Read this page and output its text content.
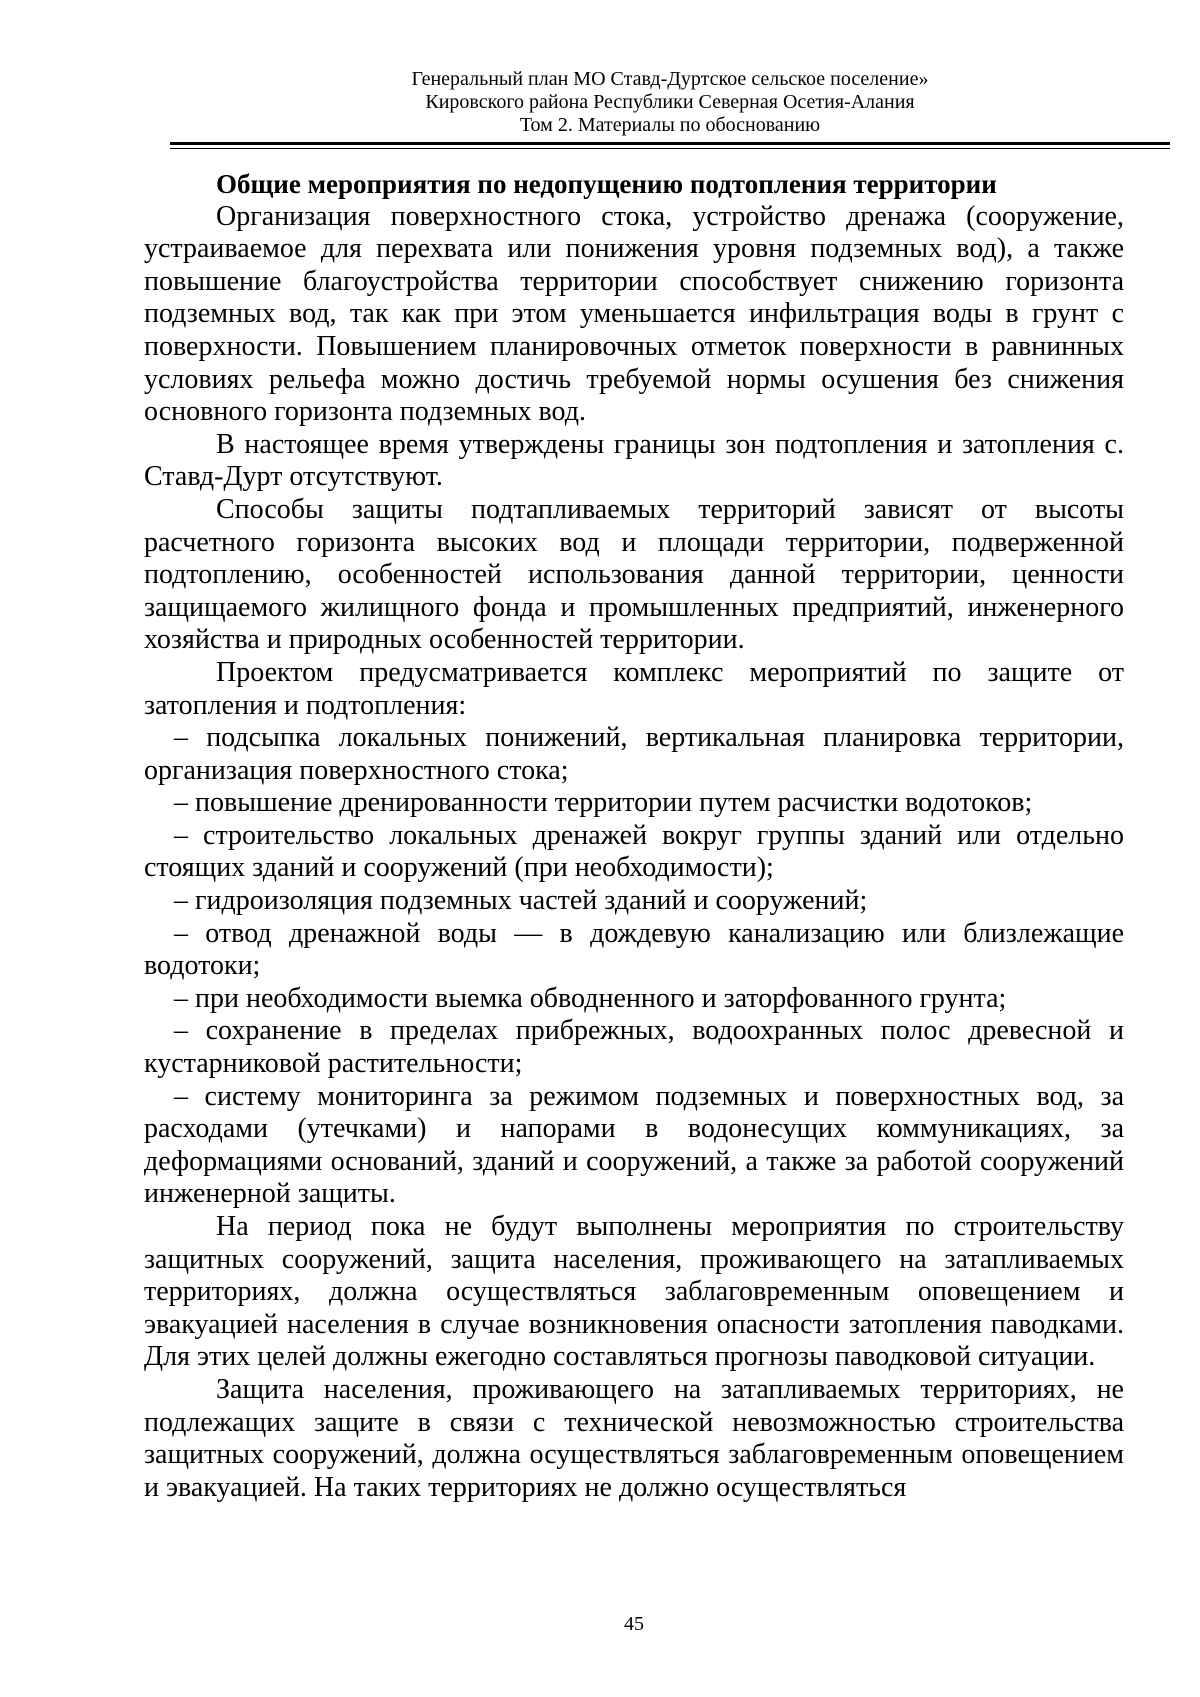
Генеральный план МО Ставд-Дуртское сельское поселение»
Кировского района Республики Северная Осетия-Алания
Том 2. Материалы по обоснованию

Общие мероприятия по недопущению подтопления территории

Организация поверхностного стока, устройство дренажа (сооружение, устраиваемое для перехвата или понижения уровня подземных вод), а также повышение благоустройства территории способствует снижению горизонта подземных вод, так как при этом уменьшается инфильтрация воды в грунт с поверхности. Повышением планировочных отметок поверхности в равнинных условиях рельефа можно достичь требуемой нормы осушения без снижения основного горизонта подземных вод.

В настоящее время утверждены границы зон подтопления и затопления с. Ставд-Дурт отсутствуют.

Способы защиты подтапливаемых территорий зависят от высоты расчетного горизонта высоких вод и площади территории, подверженной подтоплению, особенностей использования данной территории, ценности защищаемого жилищного фонда и промышленных предприятий, инженерного хозяйства и природных особенностей территории.

Проектом предусматривается комплекс мероприятий по защите от затопления и подтопления:

– подсыпка локальных понижений, вертикальная планировка территории, организация поверхностного стока;

– повышение дренированности территории путем расчистки водотоков;

– строительство локальных дренажей вокруг группы зданий или отдельно стоящих зданий и сооружений (при необходимости);

– гидроизоляция подземных частей зданий и сооружений;

– отвод дренажной воды — в дождевую канализацию или близлежащие водотоки;

– при необходимости выемка обводненного и заторфованного грунта;

– сохранение в пределах прибрежных, водоохранных полос древесной и кустарниковой растительности;

– систему мониторинга за режимом подземных и поверхностных вод, за расходами (утечками) и напорами в водонесущих коммуникациях, за деформациями оснований, зданий и сооружений, а также за работой сооружений инженерной защиты.

На период пока не будут выполнены мероприятия по строительству защитных сооружений, защита населения, проживающего на затапливаемых территориях, должна осуществляться заблаговременным оповещением и эвакуацией населения в случае возникновения опасности затопления паводками. Для этих целей должны ежегодно составляться прогнозы паводковой ситуации.

Защита населения, проживающего на затапливаемых территориях, не подлежащих защите в связи с технической невозможностью строительства защитных сооружений, должна осуществляться заблаговременным оповещением и эвакуацией. На таких территориях не должно осуществляться

45
